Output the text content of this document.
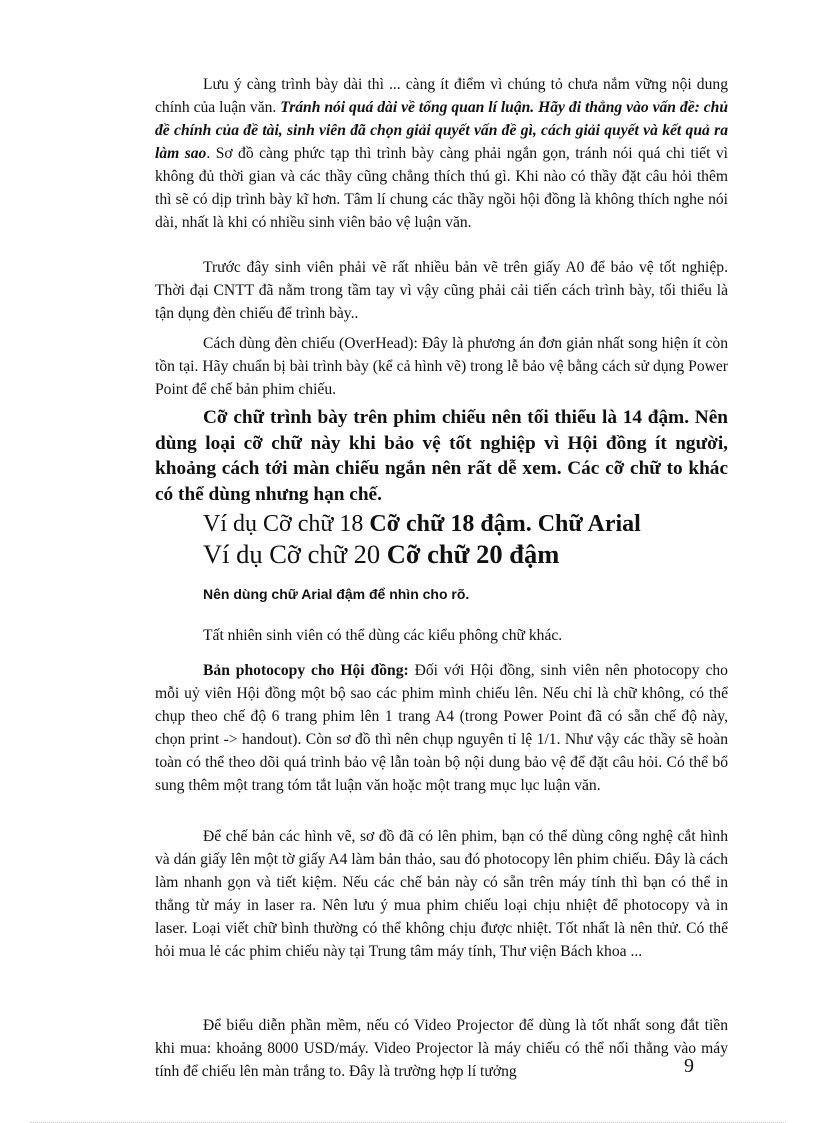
Lưu ý càng trình bày dài thì ... càng ít điểm vì chúng tỏ chưa nắm vững nội dung chính của luận văn. Tránh nói quá dài về tổng quan lí luận. Hãy đi thẳng vào vấn đề: chủ đề chính của đề tài, sinh viên đã chọn giải quyết vấn đề gì, cách giải quyết và kết quả ra làm sao. Sơ đồ càng phức tạp thì trình bày càng phải ngắn gọn, tránh nói quá chi tiết vì không đủ thời gian và các thầy cũng chẳng thích thú gì. Khi nào có thầy đặt câu hỏi thêm thì sẽ có dịp trình bày kĩ hơn. Tâm lí chung các thầy ngồi hội đồng là không thích nghe nói dài, nhất là khi có nhiều sinh viên bảo vệ luận văn.
Trước đây sinh viên phải vẽ rất nhiều bản vẽ trên giấy A0 để bảo vệ tốt nghiệp. Thời đại CNTT đã nằm trong tầm tay vì vậy cũng phải cải tiến cách trình bày, tối thiểu là tận dụng đèn chiếu để trình bày..
Cách dùng đèn chiếu (OverHead): Đây là phương án đơn giản nhất song hiện ít còn tồn tại. Hãy chuẩn bị bài trình bày (kể cả hình vẽ) trong lễ bảo vệ bằng cách sử dụng Power Point để chế bản phim chiếu.
Cỡ chữ trình bày trên phim chiếu nên tối thiểu là 14 đậm. Nên dùng loại cỡ chữ này khi bảo vệ tốt nghiệp vì Hội đồng ít người, khoảng cách tới màn chiếu ngắn nên rất dễ xem. Các cỡ chữ to khác có thể dùng nhưng hạn chế.
Ví dụ Cỡ chữ 18 Cỡ chữ 18 đậm. Chữ Arial
Ví dụ Cỡ chữ 20 Cỡ chữ 20 đậm
Nên dùng chữ Arial đậm để nhìn cho rõ.
Tất nhiên sinh viên có thể dùng các kiểu phông chữ khác.
Bản photocopy cho Hội đồng: Đối với Hội đồng, sinh viên nên photocopy cho mỗi uỷ viên Hội đồng một bộ sao các phim mình chiếu lên. Nếu chỉ là chữ không, có thể chụp theo chế độ 6 trang phim lên 1 trang A4 (trong Power Point đã có sẵn chế độ này, chọn print -> handout). Còn sơ đồ thì nên chụp nguyên tỉ lệ 1/1. Như vậy các thầy sẽ hoàn toàn có thể theo dõi quá trình bảo vệ lẫn toàn bộ nội dung bảo vệ để đặt câu hỏi. Có thể bổ sung thêm một trang tóm tắt luận văn hoặc một trang mục lục luận văn.
Để chế bản các hình vẽ, sơ đồ đã có lên phim, bạn có thể dùng công nghệ cắt hình và dán giấy lên một tờ giấy A4 làm bản thảo, sau đó photocopy lên phim chiếu. Đây là cách làm nhanh gọn và tiết kiệm. Nếu các chế bản này có sẵn trên máy tính thì bạn có thể in thẳng từ máy in laser ra. Nên lưu ý mua phim chiếu loại chịu nhiệt để photocopy và in laser. Loại viết chữ bình thường có thể không chịu được nhiệt. Tốt nhất là nên thử. Có thể hỏi mua lẻ các phim chiếu này tại Trung tâm máy tính, Thư viện Bách khoa ...
Để biểu diễn phần mềm, nếu có Video Projector để dùng là tốt nhất song đắt tiền khi mua: khoảng 8000 USD/máy. Video Projector là máy chiếu có thể nối thẳng vào máy tính để chiếu lên màn trắng to. Đây là trường hợp lí tưởng	9
